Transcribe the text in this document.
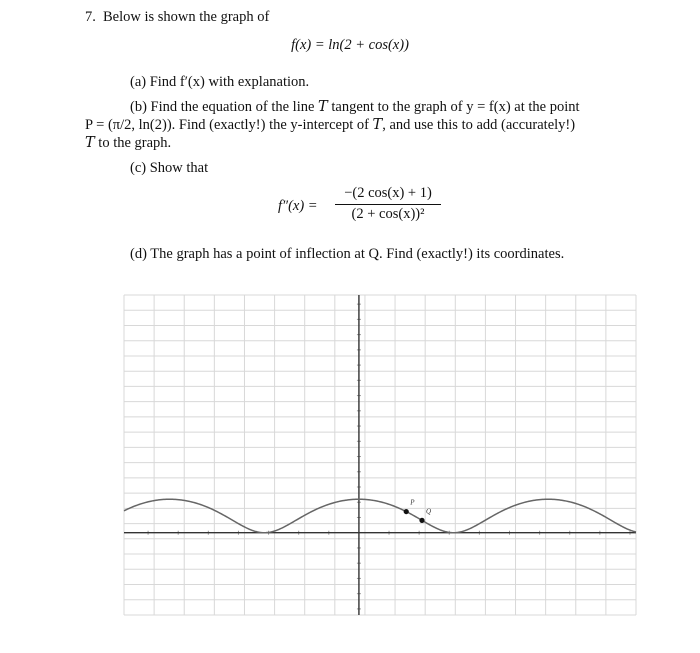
7. Below is shown the graph of
f(x) = ln(2 + cos(x))
(a) Find f′(x) with explanation.
(b) Find the equation of the line 𝑇 tangent to the graph of y = f(x) at the point
P = (π/2, ln(2)). Find (exactly!) the y-intercept of 𝑇, and use this to add (accurately!)
𝑇 to the graph.
(c) Show that
f″(x) =
−(2 cos(x) + 1)
(2 + cos(x))²
(d) The graph has a point of inflection at Q. Find (exactly!) its coordinates.
P
Q
